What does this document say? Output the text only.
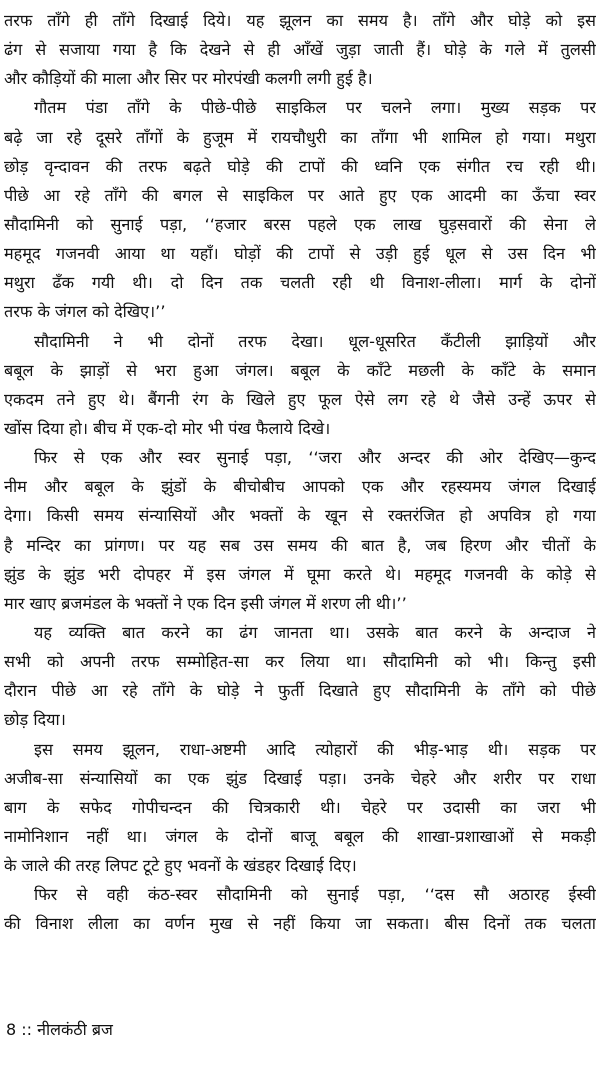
तरफ ताँगे ही ताँगे दिखाई दिये। यह झूलन का समय है। ताँगे और घोड़े को इस
ढंग से सजाया गया है कि देखने से ही आँखें जुड़ा जाती हैं। घोड़े के गले में तुलसी
और कौड़ियों की माला और सिर पर मोरपंखी कलगी लगी हुई है।
गौतम पंडा ताँगे के पीछे-पीछे साइकिल पर चलने लगा। मुख्य सड़क पर
बढ़े जा रहे दूसरे ताँगों के हुजूम में रायचौधुरी का ताँगा भी शामिल हो गया। मथुरा
छोड़ वृन्दावन की तरफ बढ़ते घोड़े की टापों की ध्वनि एक संगीत रच रही थी।
पीछे आ रहे ताँगे की बगल से साइकिल पर आते हुए एक आदमी का ऊँचा स्वर
सौदामिनी को सुनाई पड़ा, ‘‘हजार बरस पहले एक लाख घुड़सवारों की सेना ले
महमूद गजनवी आया था यहाँ। घोड़ों की टापों से उड़ी हुई धूल से उस दिन भी
मथुरा ढँक गयी थी। दो दिन तक चलती रही थी विनाश-लीला। मार्ग के दोनों
तरफ के जंगल को देखिए।’’
सौदामिनी ने भी दोनों तरफ देखा। धूल-धूसरित कँटीली झाड़ियों और
बबूल के झाड़ों से भरा हुआ जंगल। बबूल के काँटे मछली के काँटे के समान
एकदम तने हुए थे। बैंगनी रंग के खिले हुए फूल ऐसे लग रहे थे जैसे उन्हें ऊपर से
खोंस दिया हो। बीच में एक-दो मोर भी पंख फैलाये दिखे।
फिर से एक और स्वर सुनाई पड़ा, ‘‘जरा और अन्दर की ओर देखिए—कुन्द
नीम और बबूल के झुंडों के बीचोबीच आपको एक और रहस्यमय जंगल दिखाई
देगा। किसी समय संन्यासियों और भक्तों के खून से रक्तरंजित हो अपवित्र हो गया
है मन्दिर का प्रांगण। पर यह सब उस समय की बात है, जब हिरण और चीतों के
झुंड के झुंड भरी दोपहर में इस जंगल में घूमा करते थे। महमूद गजनवी के कोड़े से
मार खाए ब्रजमंडल के भक्तों ने एक दिन इसी जंगल में शरण ली थी।’’
यह व्यक्ति बात करने का ढंग जानता था। उसके बात करने के अन्दाज ने
सभी को अपनी तरफ सम्मोहित-सा कर लिया था। सौदामिनी को भी। किन्तु इसी
दौरान पीछे आ रहे ताँगे के घोड़े ने फुर्ती दिखाते हुए सौदामिनी के ताँगे को पीछे
छोड़ दिया।
इस समय झूलन, राधा-अष्टमी आदि त्योहारों की भीड़-भाड़ थी। सड़क पर
अजीब-सा संन्यासियों का एक झुंड दिखाई पड़ा। उनके चेहरे और शरीर पर राधा
बाग के सफेद गोपीचन्दन की चित्रकारी थी। चेहरे पर उदासी का जरा भी
नामोनिशान नहीं था। जंगल के दोनों बाजू बबूल की शाखा-प्रशाखाओं से मकड़ी
के जाले की तरह लिपट टूटे हुए भवनों के खंडहर दिखाई दिए।
फिर से वही कंठ-स्वर सौदामिनी को सुनाई पड़ा, ‘‘दस सौ अठारह ईस्वी
की विनाश लीला का वर्णन मुख से नहीं किया जा सकता। बीस दिनों तक चलता
8 :: नीलकंठी ब्रज
